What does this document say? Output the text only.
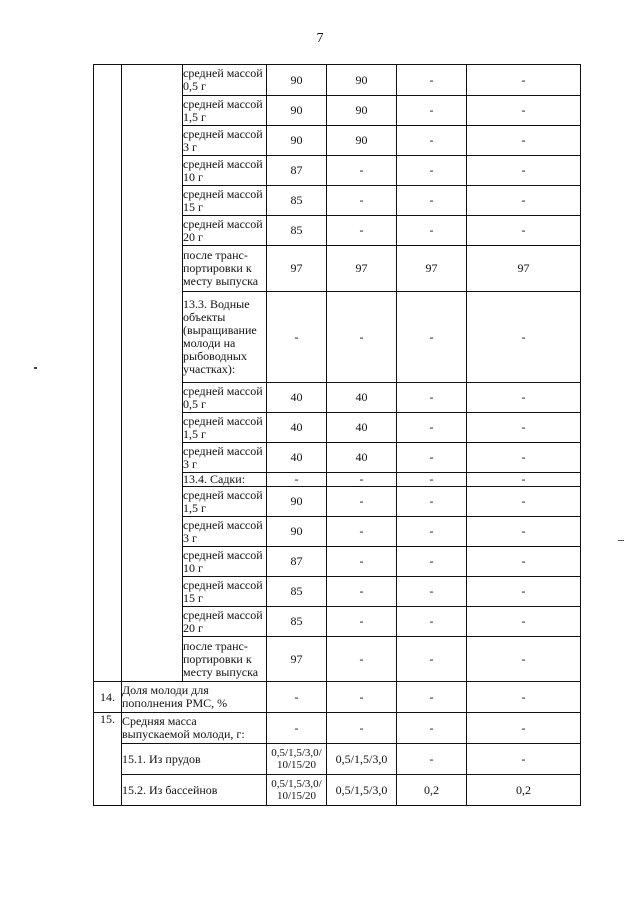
7
		средней массой 0,5 г	90	90	-	-
		средней массой 1,5 г	90	90	-	-
		средней массой 3 г	90	90	-	-
		средней массой 10 г	87	-	-	-
		средней массой 15 г	85	-	-	-
		средней массой 20 г	85	-	-	-
		после транс-портировки к месту выпуска	97	97	97	97
		13.3. Водные объекты (выращивание молоди на рыбоводных участках):	-	-	-	-
		средней массой 0,5 г	40	40	-	-
		средней массой 1,5 г	40	40	-	-
		средней массой 3 г	40	40	-	-
		13.4. Садки:	-	-	-	-
		средней массой 1,5 г	90	-	-	-
		средней массой 3 г	90	-	-	-
		средней массой 10 г	87	-	-	-
		средней массой 15 г	85	-	-	-
		средней массой 20 г	85	-	-	-
		после транс-портировки к месту выпуска	97	-	-	-
14.	Доля молоди для пополнения РМС, %		-	-	-	-
15.	Средняя масса выпускаемой молоди, г:		-	-	-	-
	15.1. Из прудов		0,5/1,5/3,0/ 10/15/20	0,5/1,5/3,0	-	-
	15.2. Из бассейнов		0,5/1,5/3,0/ 10/15/20	0,5/1,5/3,0	0,2	0,2
